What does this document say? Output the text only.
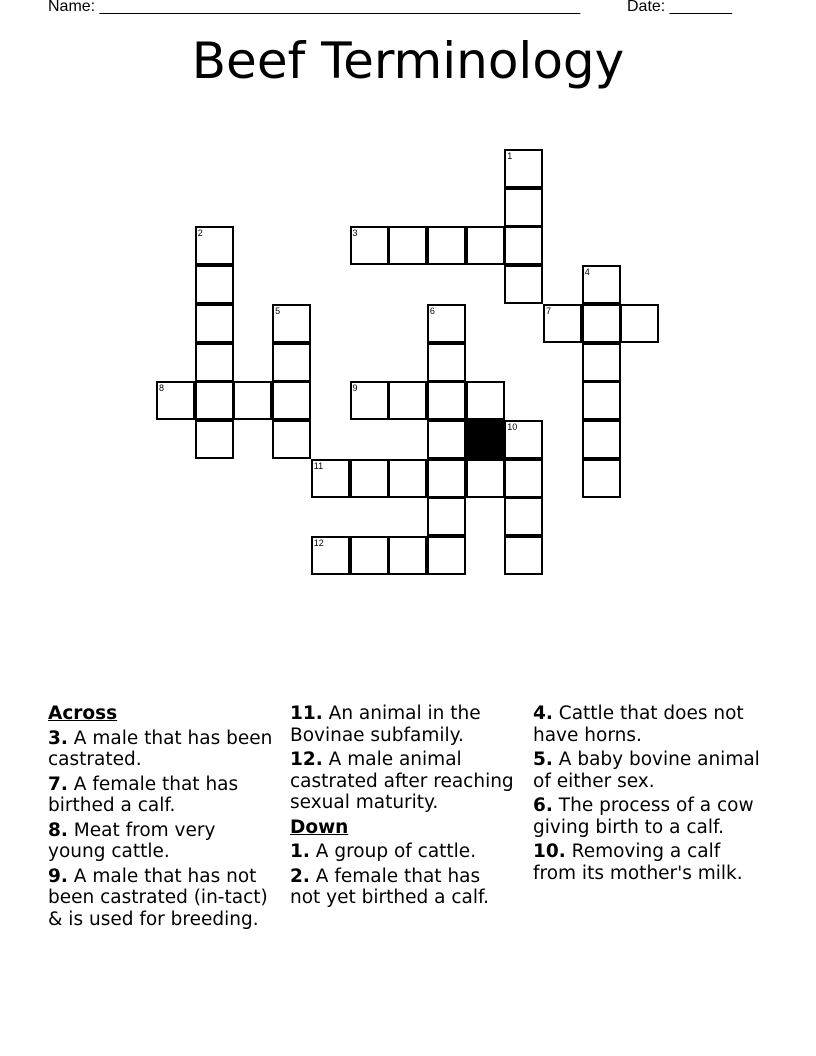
Name: ______________________________________________________	Date: _______
Beef Terminology
1
2	3
4
5	6	7
8	9
10
11
12
Across
3. A male that has been castrated.
7. A female that has birthed a calf.
8. Meat from very young cattle.
9. A male that has not been castrated (in-tact) & is used for breeding.
11. An animal in the Bovinae subfamily.
12. A male animal castrated after reaching sexual maturity.
Down
1. A group of cattle.
2. A female that has not yet birthed a calf.
4. Cattle that does not have horns.
5. A baby bovine animal of either sex.
6. The process of a cow giving birth to a calf.
10. Removing a calf from its mother's milk.
